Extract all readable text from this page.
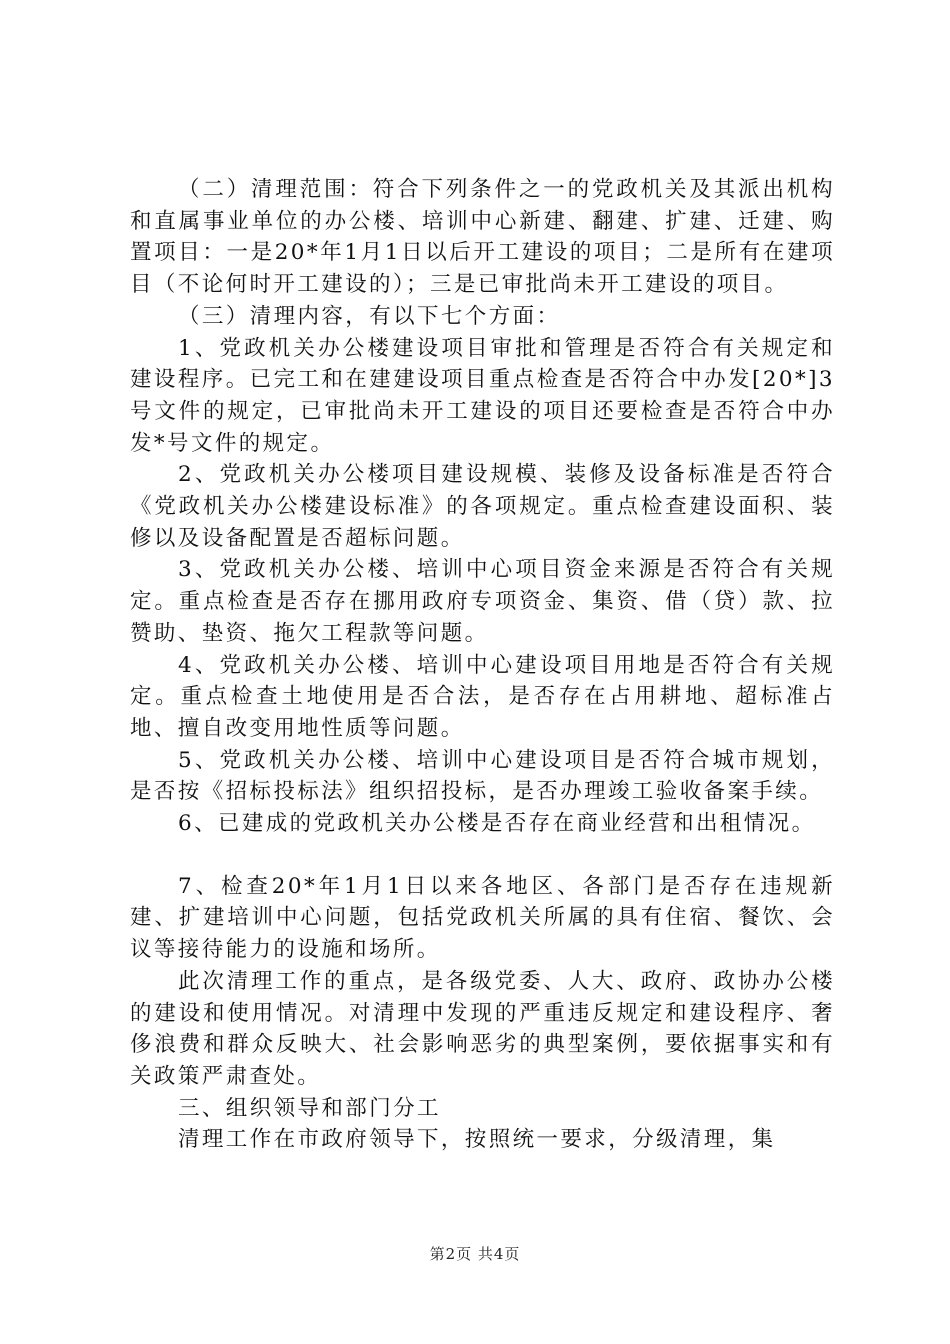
（二）清理范围：符合下列条件之一的党政机关及其派出机构和直属事业单位的办公楼、培训中心新建、翻建、扩建、迁建、购置项目：一是20*年1月1日以后开工建设的项目；二是所有在建项目（不论何时开工建设的）；三是已审批尚未开工建设的项目。

（三）清理内容，有以下七个方面：

1、党政机关办公楼建设项目审批和管理是否符合有关规定和建设程序。已完工和在建建设项目重点检查是否符合中办发[20*]3号文件的规定，已审批尚未开工建设的项目还要检查是否符合中办发*号文件的规定。

2、党政机关办公楼项目建设规模、装修及设备标准是否符合《党政机关办公楼建设标准》的各项规定。重点检查建设面积、装修以及设备配置是否超标问题。

3、党政机关办公楼、培训中心项目资金来源是否符合有关规定。重点检查是否存在挪用政府专项资金、集资、借（贷）款、拉赞助、垫资、拖欠工程款等问题。

4、党政机关办公楼、培训中心建设项目用地是否符合有关规定。重点检查土地使用是否合法，是否存在占用耕地、超标准占地、擅自改变用地性质等问题。

5、党政机关办公楼、培训中心建设项目是否符合城市规划，是否按《招标投标法》组织招投标，是否办理竣工验收备案手续。

6、已建成的党政机关办公楼是否存在商业经营和出租情况。

7、检查20*年1月1日以来各地区、各部门是否存在违规新建、扩建培训中心问题，包括党政机关所属的具有住宿、餐饮、会议等接待能力的设施和场所。

此次清理工作的重点，是各级党委、人大、政府、政协办公楼的建设和使用情况。对清理中发现的严重违反规定和建设程序、奢侈浪费和群众反映大、社会影响恶劣的典型案例，要依据事实和有关政策严肃查处。

三、组织领导和部门分工

清理工作在市政府领导下，按照统一要求，分级清理，集

第2页 共4页
